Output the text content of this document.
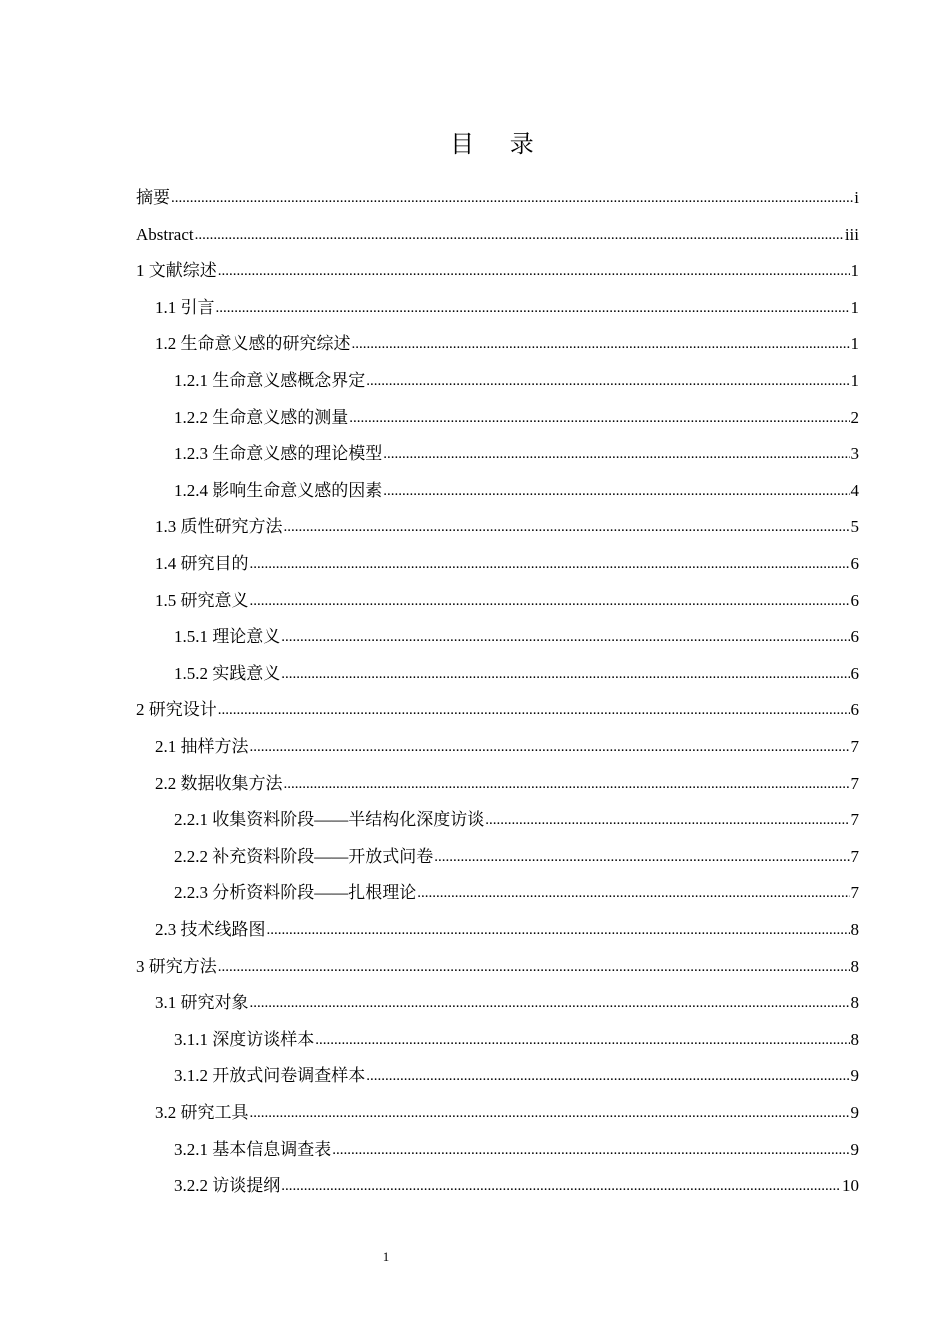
目 录
摘要 .....	i
Abstract .....	iii
1 文献综述 .....	1
1.1 引言 .....	1
1.2 生命意义感的研究综述 .....	1
1.2.1 生命意义感概念界定 .....	1
1.2.2 生命意义感的测量 .....	2
1.2.3 生命意义感的理论模型 .....	3
1.2.4 影响生命意义感的因素 .....	4
1.3 质性研究方法 .....	5
1.4 研究目的 .....	6
1.5 研究意义 .....	6
1.5.1 理论意义 .....	6
1.5.2 实践意义 .....	6
2 研究设计 .....	6
2.1 抽样方法 .....	7
2.2 数据收集方法 .....	7
2.2.1 收集资料阶段——半结构化深度访谈 .....	7
2.2.2 补充资料阶段——开放式问卷 .....	7
2.2.3 分析资料阶段——扎根理论 .....	7
2.3 技术线路图 .....	8
3 研究方法 .....	8
3.1 研究对象 .....	8
3.1.1 深度访谈样本 .....	8
3.1.2 开放式问卷调查样本 .....	9
3.2 研究工具 .....	9
3.2.1 基本信息调查表 .....	9
3.2.2 访谈提纲 .....	10
1
